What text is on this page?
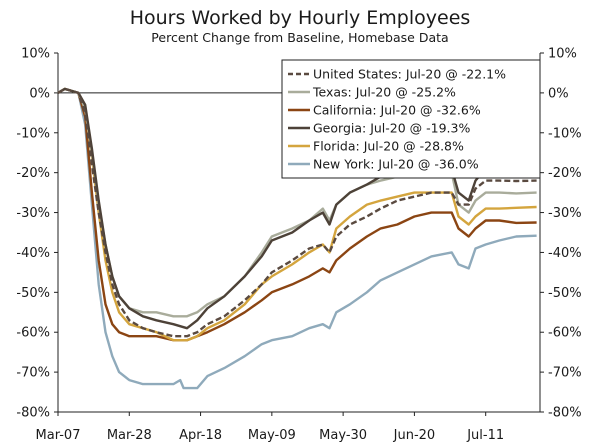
Hours Worked by Hourly Employees
Percent Change from Baseline, Homebase Data
10%
0%
-10%
-20%
-30%
-40%
-50%
-60%
-70%
-80%
10%
0%
-10%
-20%
-30%
-40%
-50%
-60%
-70%
-80%
Mar-07 Mar-28 Apr-18 May-09 May-30 Jun-20 Jul-11
United States: Jul-20 @ -22.1%
Texas: Jul-20 @ -25.2%
California: Jul-20 @ -32.6%
Georgia: Jul-20 @ -19.3%
Florida: Jul-20 @ -28.8%
New York: Jul-20 @ -36.0%
